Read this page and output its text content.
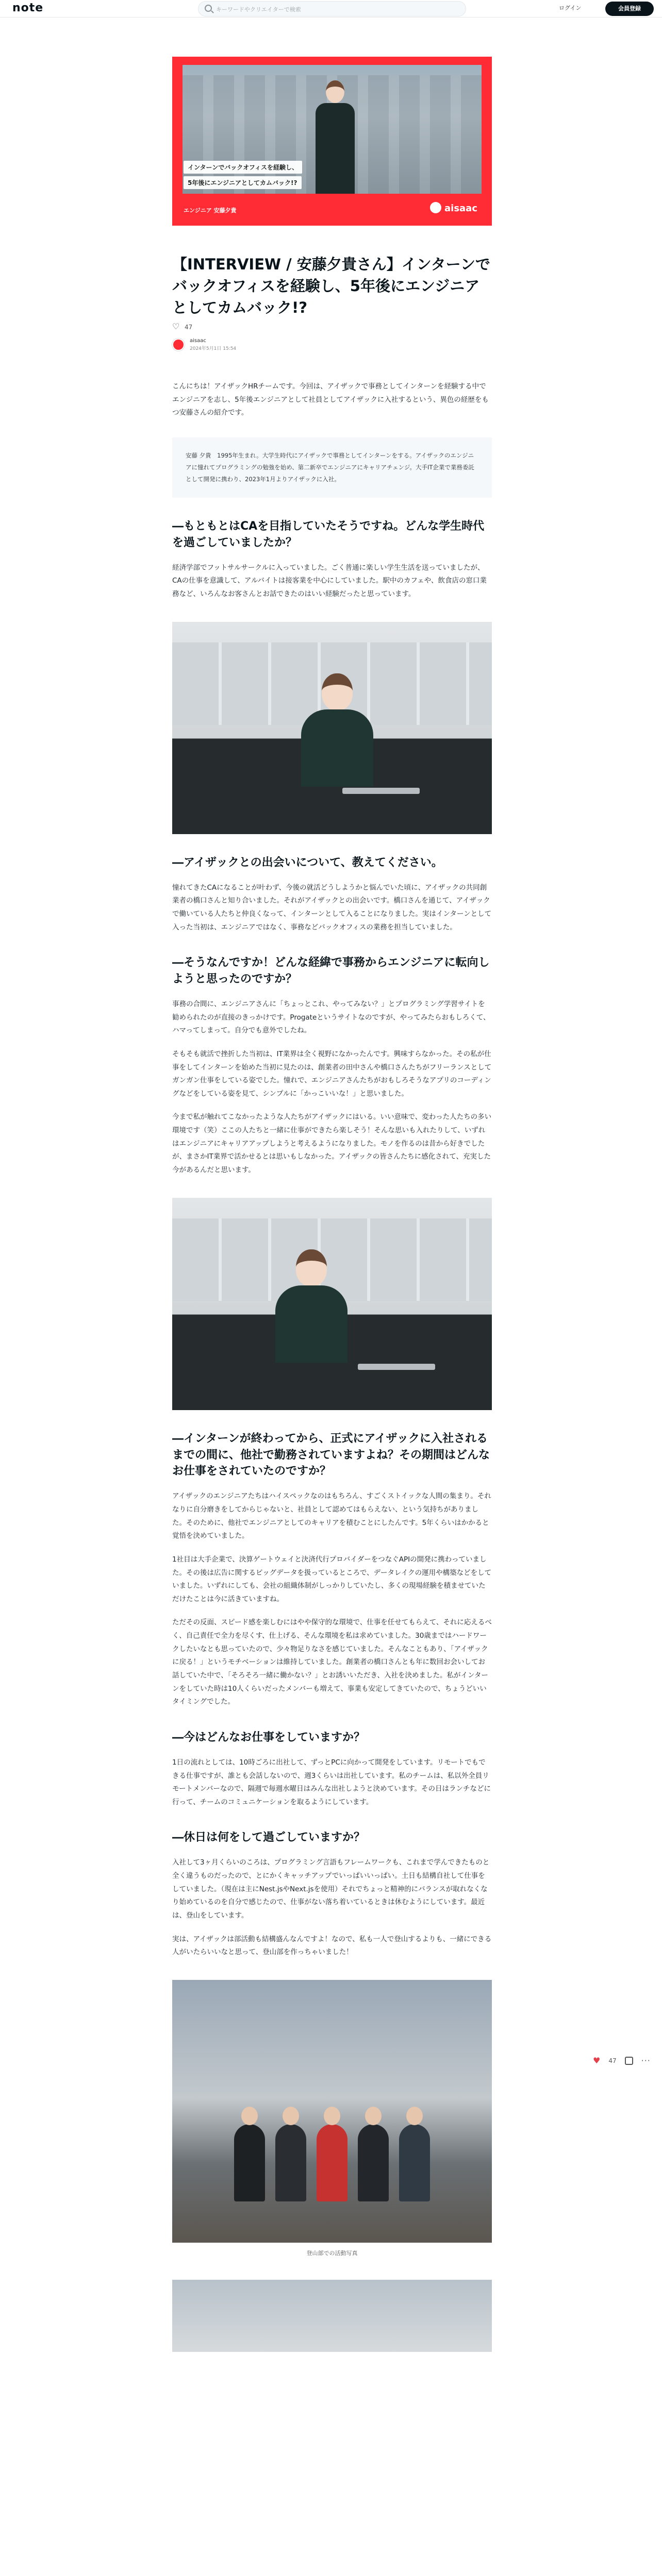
note
キーワードやクリエイターで検索	ログイン	会員登録
インターンでバックオフィスを経験し、
5年後にエンジニアとしてカムバック!?
エンジニア 安藤夕貴	aisaac
【INTERVIEW / 安藤夕貴さん】インターンでバックオフィスを経験し、5年後にエンジニアとしてカムバック!?
♡
47
aisaac
2024年5月1日 15:54

こんにちは！アイザックHRチームです。今回は、アイザックで事務としてインターンを経験する中でエンジニアを志し、5年後エンジニアとして社員としてアイザックに入社するという、異色の経歴をもつ安藤さんの紹介です。

安藤 夕貴　1995年生まれ。大学生時代にアイザックで事務としてインターンをする。アイザックのエンジニアに憧れてプログラミングの勉強を始め、第二新卒でエンジニアにキャリアチェンジ。大手IT企業で業務委託として開発に携わり、2023年1月よりアイザックに入社。
―もともとはCAを目指していたそうですね。どんな学生時代を過ごしていましたか？

経済学部でフットサルサークルに入っていました。ごく普通に楽しい学生生活を送っていましたが、CAの仕事を意識して、アルバイトは接客業を中心にしていました。駅中のカフェや、飲食店の窓口業務など、いろんなお客さんとお話できたのはいい経験だったと思っています。

―アイザックとの出会いについて、教えてください。

憧れてきたCAになることが叶わず、今後の就活どうしようかと悩んでいた頃に、アイザックの共同創業者の橋口さんと知り合いました。それがアイザックとの出会いです。橋口さんを通じて、アイザックで働いている人たちと仲良くなって、インターンとして入ることになりました。実はインターンとして入った当初は、エンジニアではなく、事務などバックオフィスの業務を担当していました。

―そうなんですか！どんな経緯で事務からエンジニアに転向しようと思ったのですか？

事務の合間に、エンジニアさんに「ちょっとこれ、やってみない？」とプログラミング学習サイトを勧められたのが直接のきっかけです。Progateというサイトなのですが、やってみたらおもしろくて、ハマってしまって。自分でも意外でしたね。

そもそも就活で挫折した当初は、IT業界は全く視野になかったんです。興味すらなかった。その私が仕事をしてインターンを始めた当初に見たのは、創業者の田中さんや橋口さんたちがフリーランスとしてガンガン仕事をしている姿でした。憧れで、エンジニアさんたちがおもしろそうなアプリのコーディングなどをしている姿を見て、シンプルに「かっこいいな！」と思いました。

今まで私が触れてこなかったような人たちがアイザックにはいる。いい意味で、変わった人たちの多い環境です（笑）ここの人たちと一緒に仕事ができたら楽しそう！そんな思いも入れたりして、いずれはエンジニアにキャリアアップしようと考えるようになりました。モノを作るのは昔から好きでしたが、まさかIT業界で活かせるとは思いもしなかった。アイザックの皆さんたちに感化されて、充実した今があるんだと思います。

―インターンが終わってから、正式にアイザックに入社されるまでの間に、他社で勤務されていますよね？その期間はどんなお仕事をされていたのですか？

アイザックのエンジニアたちはハイスペックなのはもちろん、すごくストイックな人間の集まり。それなりに自分磨きをしてからじゃないと、社員として認めてはもらえない、という気持ちがありました。そのために、他社でエンジニアとしてのキャリアを積むことにしたんです。5年くらいはかかると覚悟を決めていました。

1社目は大手企業で、決算ゲートウェイと決済代行プロバイダーをつなぐAPIの開発に携わっていました。その後は広告に関するビッグデータを扱っているところで、データレイクの運用や構築などをしていました。いずれにしても、会社の組織体制がしっかりしていたし、多くの現場経験を積ませていただけたことは今に活きていますね。

ただその反面、スピード感を楽しむにはやや保守的な環境で、仕事を任せてもらえて、それに応えるべく、自己責任で全力を尽くす、仕上げる、そんな環境を私は求めていました。30歳まではハードワークしたいなとも思っていたので、少々物足りなさを感じていました。そんなこともあり、「アイザックに戻る！」というモチベーションは維持していました。創業者の橋口さんとも年に数回お会いしてお話していた中で、「そろそろ一緒に働かない？」とお誘いいただき、入社を決めました。私がインターンをしていた時は10人くらいだったメンバーも増えて、事業も安定してきていたので、ちょうどいいタイミングでした。

―今はどんなお仕事をしていますか？

1日の流れとしては、10時ごろに出社して、ずっとPCに向かって開発をしています。リモートでもできる仕事ですが、誰とも会話しないので、週3くらいは出社しています。私のチームは、私以外全員リモートメンバーなので、隔週で毎週水曜日はみんな出社しようと決めています。その日はランチなどに行って、チームのコミュニケーションを取るようにしています。

―休日は何をして過ごしていますか？

入社して3ヶ月くらいのころは、プログラミング言語もフレームワークも、これまで学んできたものと全く違うものだったので、とにかくキャッチアップでいっぱいいっぱい。土日も結構自社して仕事をしていました。（現在は主にNest.jsやNext.jsを使用）それでちょっと精神的にバランスが取れなくなり始めているのを自分で感じたので、仕事がない落ち着いているときは休むようにしています。最近は、登山をしています。

実は、アイザックは部活動も結構盛んなんですよ！なので、私も一人で登山するよりも、一緒にできる人がいたらいいなと思って、登山部を作っちゃいました！

登山部での活動写真
♥ 47	···
